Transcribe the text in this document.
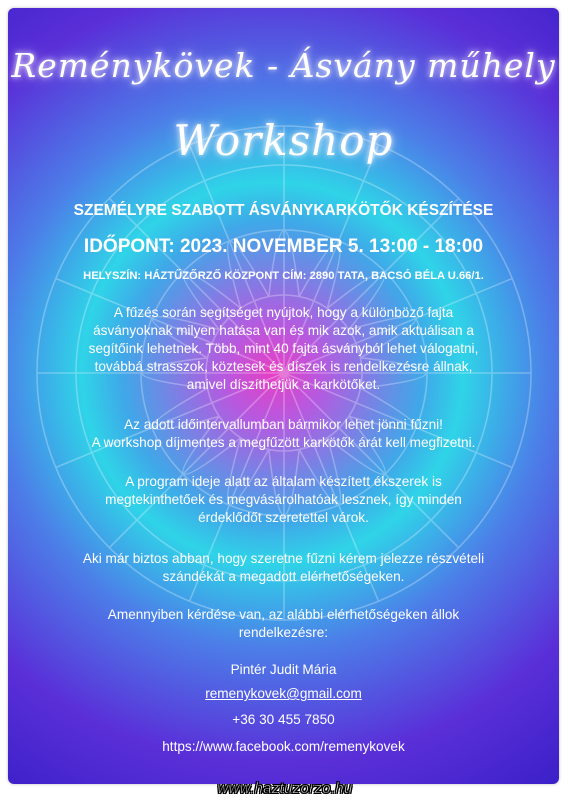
Reménykövek - Ásvány műhely
Workshop
SZEMÉLYRE SZABOTT ÁSVÁNYKARKÖTŐK KÉSZÍTÉSE
IDŐPONT: 2023. NOVEMBER 5. 13:00 - 18:00
HELYSZÍN: HÁZTŰZŐRZŐ KÖZPONT CÍM: 2890 TATA, BACSÓ BÉLA U.66/1.
A fűzés során segítséget nyújtok, hogy a különböző fajta
ásványoknak milyen hatása van és mik azok, amik aktuálisan a
segítőink lehetnek. Több, mint 40 fajta ásványból lehet válogatni,
továbbá strasszok, köztesek és díszek is rendelkezésre állnak,
amivel díszíthetjük a karkötőket.
Az adott időintervallumban bármikor lehet jönni fűzni!
A workshop díjmentes a megfűzött karkötők árát kell megfizetni.
A program ideje alatt az általam készített ékszerek is
megtekinthetőek és megvásárolhatóak lesznek, így minden
érdeklődőt szeretettel várok.
Aki már biztos abban, hogy szeretne fűzni kérem jelezze részvételi
szándékát a megadott elérhetőségeken.
Amennyiben kérdése van, az alábbi elérhetőségeken állok
rendelkezésre:
Pintér Judit Mária
remenykovek@gmail.com
+36 30 455 7850
https://www.facebook.com/remenykovek
www.haztuzorzo.hu
